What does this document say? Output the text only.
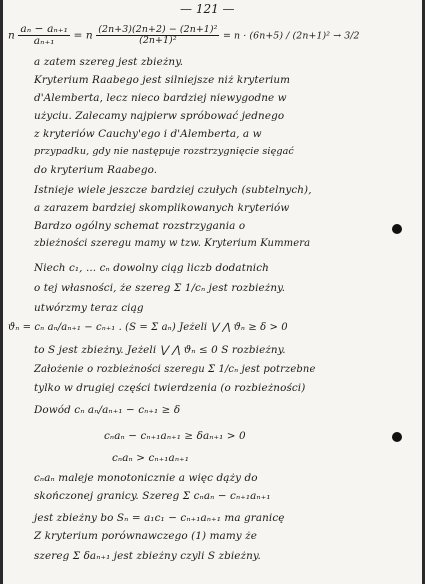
— 121 —
n $\frac{\text{aₙ − aₙ₊₁}}{\text{aₙ₊₁}} = n \frac{\text{(2n+3)(2n+2) − (2n+1)²}}{\text{(2n+1)²}} = n \cdot (6n+5) / (2n+1)^2 \to 3/2$
a zatem szereg jest zbieżny.
Kryterium Raabego jest silniejsze niż kryterium
d'Alemberta, lecz nieco bardziej niewygodne w
użyciu. Zalecamy najpierw spróbować jednego
z kryteriów Cauchy'ego i d'Alemberta, a w
przypadku, gdy nie następuje rozstrzygnięcie sięgać
do kryterium Raabego.
Istnieje wiele jeszcze bardziej czułych (subtelnych),
a zarazem bardziej skomplikowanych kryteriów
Bardzo ogólny schemat rozstrzygania o
zbieżności szeregu mamy w tzw. Kryterium Kummera
Niech c₁, ... cₙ dowolny ciąg liczb dodatnich
o tej własności, że szereg Σ 1/cₙ jest rozbieżny.
utwórzmy teraz ciąg
ϑₙ = cₙ aₙ/aₙ₊₁ − cₙ₊₁ . (S = Σ aₙ) Jeżeli ⋁ ⋀ ϑₙ ≥ δ > 0
to S jest zbieżny. Jeżeli ⋁ ⋀ ϑₙ ≤ 0 S rozbieżny.
Założenie o rozbieżności szeregu Σ 1/cₙ jest potrzebne
tylko w drugiej części twierdzenia (o rozbieżności)
Dowód cₙ aₙ/aₙ₊₁ − cₙ₊₁ ≥ δ
cₙaₙ − cₙ₊₁aₙ₊₁ ≥ δaₙ₊₁ > 0
cₙaₙ > cₙ₊₁aₙ₊₁
cₙaₙ maleje monotonicznie a więc dąży do
skończonej granicy. Szereg Σ cₙaₙ − cₙ₊₁aₙ₊₁
jest zbieżny bo Sₙ = a₁c₁ − cₙ₊₁aₙ₊₁ ma granicę
Z kryterium porównawczego (1) mamy że
szereg Σ δaₙ₊₁ jest zbieżny czyli S zbieżny.
